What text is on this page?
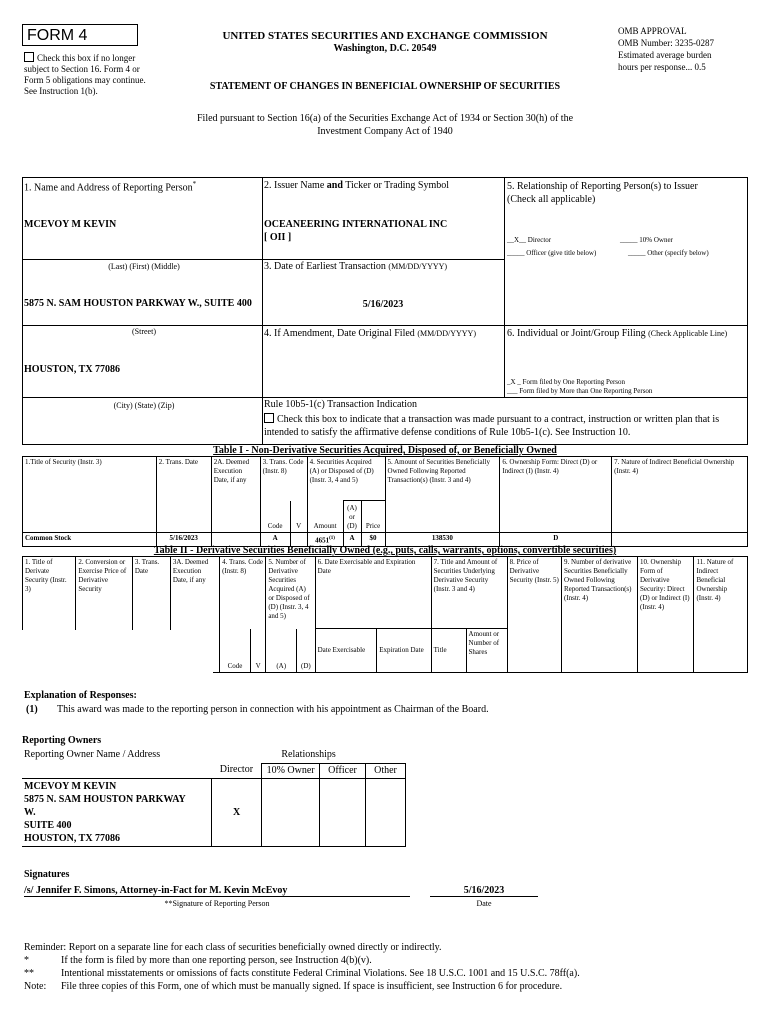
FORM 4
Check this box if no longer subject to Section 16. Form 4 or Form 5 obligations may continue. See Instruction 1(b).
UNITED STATES SECURITIES AND EXCHANGE COMMISSION
Washington, D.C. 20549
STATEMENT OF CHANGES IN BENEFICIAL OWNERSHIP OF SECURITIES
OMB APPROVAL
OMB Number: 3235-0287
Estimated average burden
hours per response... 0.5
Filed pursuant to Section 16(a) of the Securities Exchange Act of 1934 or Section 30(h) of the
Investment Company Act of 1940
1. Name and Address of Reporting Person*
MCEVOY M KEVIN
(Last) (First) (Middle)
5875 N. SAM HOUSTON PARKWAY W., SUITE 400
(Street)
HOUSTON, TX 77086
(City) (State) (Zip)
2. Issuer Name and Ticker or Trading Symbol
OCEANEERING INTERNATIONAL INC
[ OII ]
3. Date of Earliest Transaction (MM/DD/YYYY)
5/16/2023
4. If Amendment, Date Original Filed (MM/DD/YYYY)
5. Relationship of Reporting Person(s) to Issuer
(Check all applicable)
__X__ Director	_____ 10% Owner
_____ Officer (give title below)	_____ Other (specify below)
6. Individual or Joint/Group Filing (Check Applicable Line)
_X _ Form filed by One Reporting Person
___ Form filed by More than One Reporting Person
Rule 10b5-1(c) Transaction Indication
Check this box to indicate that a transaction was made pursuant to a contract, instruction or written plan that is intended to satisfy the affirmative defense conditions of Rule 10b5-1(c). See Instruction 10.
Table I - Non-Derivative Securities Acquired, Disposed of, or Beneficially Owned
1.Title of Security (Instr. 3)	2. Trans. Date	2A. Deemed Execution Date, if any	3. Trans. Code (Instr. 8)		4. Securities Acquired (A) or Disposed of (D) (Instr. 3, 4 and 5)			5. Amount of Securities Beneficially Owned Following Reported Transaction(s) (Instr. 3 and 4)	6. Ownership Form: Direct (D) or Indirect (I) (Instr. 4)	7. Nature of Indirect Beneficial Ownership (Instr. 4)
			Code	V	Amount	(A) or (D)	Price			
Common Stock	5/16/2023		A		4651$^{(1)}$	A	$0	138530	D	
Table II - Derivative Securities Beneficially Owned (e.g., puts, calls, warrants, options, convertible securities)
1. Title of Derivate Security (Instr. 3)	2. Conversion or Exercise Price of Derivative Security	3. Trans. Date	3A. Deemed Execution Date, if any	4. Trans. Code (Instr. 8)		5. Number of Derivative Securities Acquired (A) or Disposed of (D) (Instr. 3, 4 and 5)		6. Date Exercisable and Expiration Date		7. Title and Amount of Securities Underlying Derivative Security (Instr. 3 and 4)		8. Price of Derivative Security (Instr. 5)	9. Number of derivative Securities Beneficially Owned Following Reported Transaction(s) (Instr. 4)	10. Ownership Form of Derivative Security: Direct (D) or Indirect (I) (Instr. 4)	11. Nature of Indirect Beneficial Ownership (Instr. 4)
				Code	V	(A)	(D)	Date Exercisable	Expiration Date	Title	Amount or Number of Shares				
Explanation of Responses:
(1) This award was made to the reporting person in connection with his appointment as Chairman of the Board.
Reporting Owners
Reporting Owner Name / Address	Relationships			
	Director	10% Owner	Officer	Other

MCEVOY M KEVIN
5875 N. SAM HOUSTON PARKWAY
W.
SUITE 400
HOUSTON, TX 77086	X			
Signatures
/s/ Jennifer F. Simons, Attorney-in-Fact for M. Kevin McEvoy	5/16/2023
**Signature of Reporting Person	Date
Reminder: Report on a separate line for each class of securities beneficially owned directly or indirectly.
*	If the form is filed by more than one reporting person, see Instruction 4(b)(v).
**	Intentional misstatements or omissions of facts constitute Federal Criminal Violations. See 18 U.S.C. 1001 and 15 U.S.C. 78ff(a).
Note: File three copies of this Form, one of which must be manually signed. If space is insufficient, see Instruction 6 for procedure.
